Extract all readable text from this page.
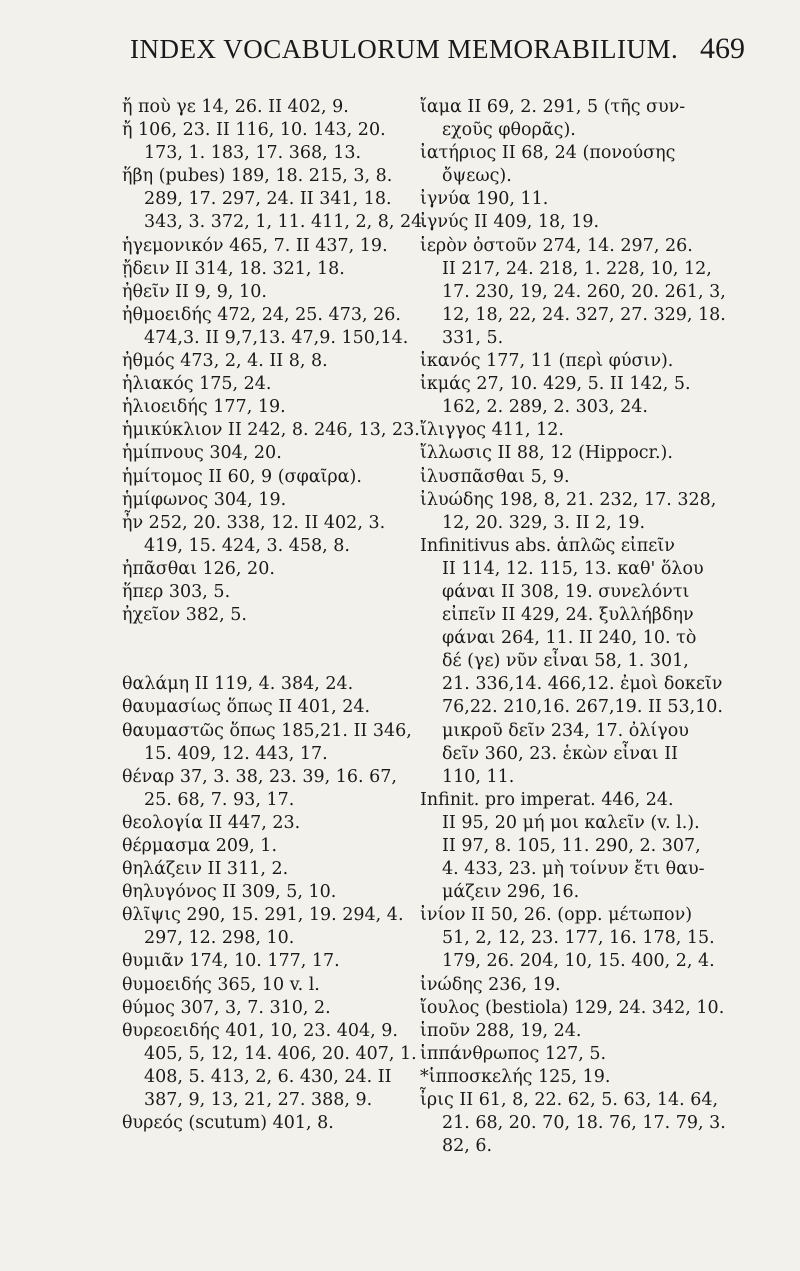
INDEX VOCABULORUM MEMORABILIUM. 469
ἤ ποὺ γε 14, 26. II 402, 9.
ἤ 106, 23. II 116, 10. 143, 20.
173, 1. 183, 17. 368, 13.
ἥβη (pubes) 189, 18. 215, 3, 8.
289, 17. 297, 24. II 341, 18.
343, 3. 372, 1, 11. 411, 2, 8, 24.
ἡγεμονικόν 465, 7. II 437, 19.
ᾔδειν II 314, 18. 321, 18.
ἠθεῖν II 9, 9, 10.
ἠθμοειδής 472, 24, 25. 473, 26.
474,3. II 9,7,13. 47,9. 150,14.
ἠθμός 473, 2, 4. II 8, 8.
ἡλιακός 175, 24.
ἡλιοειδής 177, 19.
ἡμικύκλιον II 242, 8. 246, 13, 23.
ἡμίπνους 304, 20.
ἡμίτομος II 60, 9 (σφαῖρα).
ἡμίφωνος 304, 19.
ἦν 252, 20. 338, 12. II 402, 3.
419, 15. 424, 3. 458, 8.
ἠπᾶσθαι 126, 20.
ἥπερ 303, 5.
ἠχεῖον 382, 5.
θαλάμη II 119, 4. 384, 24.
θαυμασίως ὅπως II 401, 24.
θαυμαστῶς ὅπως 185,21. II 346,
15. 409, 12. 443, 17.
θέναρ 37, 3. 38, 23. 39, 16. 67,
25. 68, 7. 93, 17.
θεολογία II 447, 23.
θέρμασμα 209, 1.
θηλάζειν II 311, 2.
θηλυγόνος II 309, 5, 10.
θλῖψις 290, 15. 291, 19. 294, 4.
297, 12. 298, 10.
θυμιᾶν 174, 10. 177, 17.
θυμοειδής 365, 10 v. l.
θύμος 307, 3, 7. 310, 2.
θυρεοειδής 401, 10, 23. 404, 9.
405, 5, 12, 14. 406, 20. 407, 1.
408, 5. 413, 2, 6. 430, 24. II
387, 9, 13, 21, 27. 388, 9.
θυρεός (scutum) 401, 8.
ἴαμα II 69, 2. 291, 5 (τῆς συν-
εχοῦς φθορᾶς).
ἰατήριος II 68, 24 (πονούσης
ὄψεως).
ἰγνύα 190, 11.
ἰγνύς II 409, 18, 19.
ἱερὸν ὀστοῦν 274, 14. 297, 26.
II 217, 24. 218, 1. 228, 10, 12,
17. 230, 19, 24. 260, 20. 261, 3,
12, 18, 22, 24. 327, 27. 329, 18.
331, 5.
ἱκανός 177, 11 (περὶ φύσιν).
ἰκμάς 27, 10. 429, 5. II 142, 5.
162, 2. 289, 2. 303, 24.
ἴλιγγος 411, 12.
ἴλλωσις II 88, 12 (Hippocr.).
ἰλυσπᾶσθαι 5, 9.
ἰλυώδης 198, 8, 21. 232, 17. 328,
12, 20. 329, 3. II 2, 19.
Infinitivus abs. ἁπλῶς εἰπεῖν
II 114, 12. 115, 13. καθ' ὅλου
φάναι II 308, 19. συνελόντι
εἰπεῖν II 429, 24. ξυλλήβδην
φάναι 264, 11. II 240, 10. τὸ
δέ (γε) νῦν εἶναι 58, 1. 301,
21. 336,14. 466,12. ἐμοὶ δοκεῖν
76,22. 210,16. 267,19. II 53,10.
μικροῦ δεῖν 234, 17. ὀλίγου
δεῖν 360, 23. ἑκὼν εἶναι II
110, 11.
Infinit. pro imperat. 446, 24.
II 95, 20 μή μοι καλεῖν (v. l.).
II 97, 8. 105, 11. 290, 2. 307,
4. 433, 23. μὴ τοίνυν ἔτι θαυ-
μάζειν 296, 16.
ἰνίον II 50, 26. (opp. μέτωπον)
51, 2, 12, 23. 177, 16. 178, 15.
179, 26. 204, 10, 15. 400, 2, 4.
ἰνώδης 236, 19.
ἴουλος (bestiola) 129, 24. 342, 10.
ἱποῦν 288, 19, 24.
ἱππάνθρωπος 127, 5.
*ἱπποσκελής 125, 19.
ἶρις II 61, 8, 22. 62, 5. 63, 14. 64,
21. 68, 20. 70, 18. 76, 17. 79, 3.
82, 6.
